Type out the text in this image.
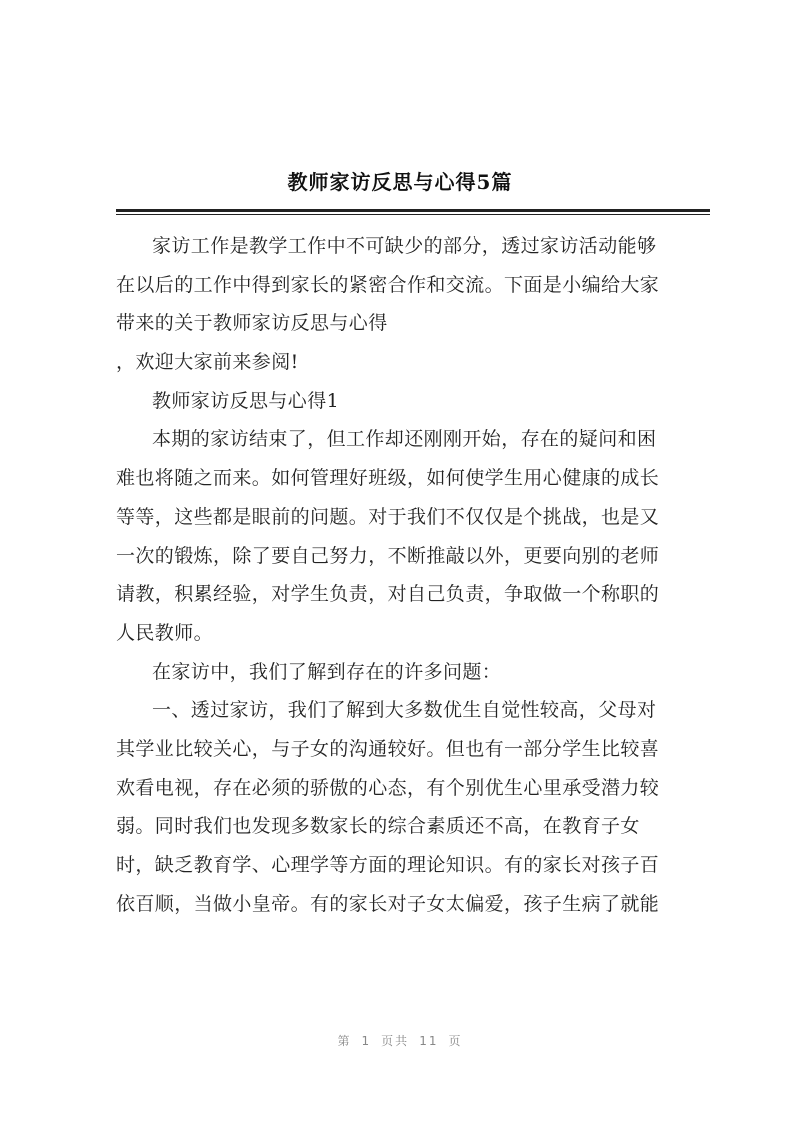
教师家访反思与心得5篇
家访工作是教学工作中不可缺少的部分，透过家访活动能够
在以后的工作中得到家长的紧密合作和交流。下面是小编给大家
带来的关于教师家访反思与心得
，欢迎大家前来参阅!
教师家访反思与心得1
本期的家访结束了，但工作却还刚刚开始，存在的疑问和困
难也将随之而来。如何管理好班级，如何使学生用心健康的成长
等等，这些都是眼前的问题。对于我们不仅仅是个挑战，也是又
一次的锻炼，除了要自己努力，不断推敲以外，更要向别的老师
请教，积累经验，对学生负责，对自己负责，争取做一个称职的
人民教师。
在家访中，我们了解到存在的许多问题：
一、透过家访，我们了解到大多数优生自觉性较高，父母对
其学业比较关心，与子女的沟通较好。但也有一部分学生比较喜
欢看电视，存在必须的骄傲的心态，有个别优生心里承受潜力较
弱。同时我们也发现多数家长的综合素质还不高，在教育子女
时，缺乏教育学、心理学等方面的理论知识。有的家长对孩子百
依百顺，当做小皇帝。有的家长对子女太偏爱，孩子生病了就能
第 1 页共 11 页
